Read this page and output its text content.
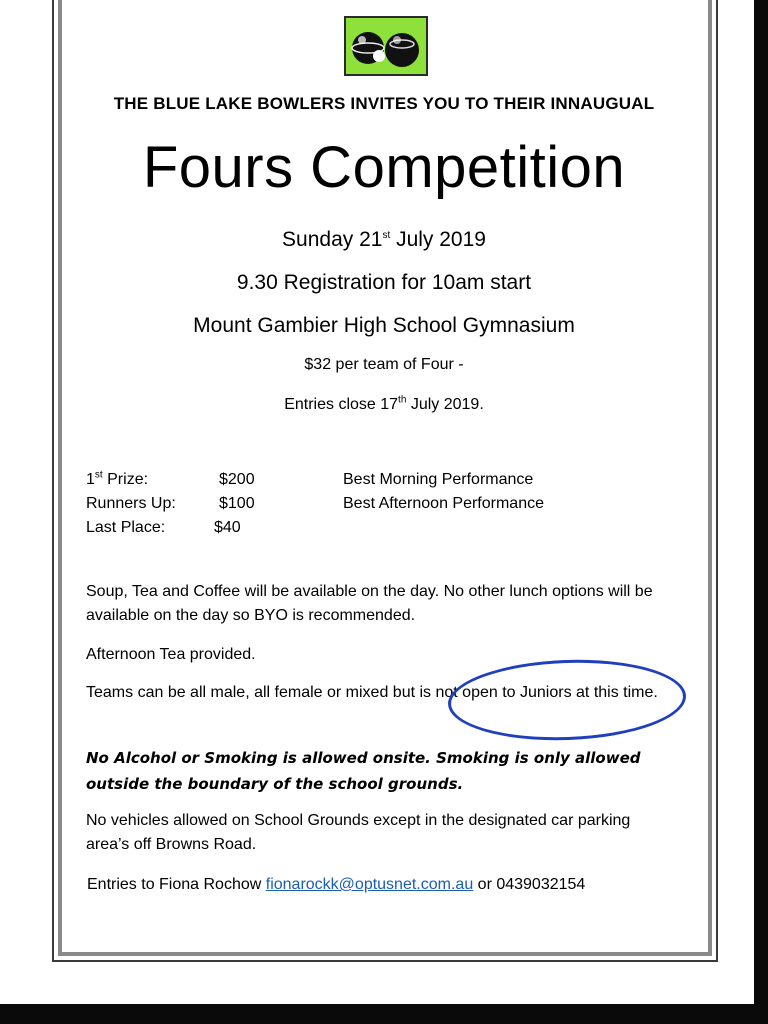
THE BLUE LAKE BOWLERS INVITES YOU TO THEIR INNAUGUAL
Fours Competition
Sunday 21st July 2019
9.30 Registration for 10am start
Mount Gambier High School Gymnasium
$32 per team of Four -
Entries close 17th July 2019.
1st Prize:	$200	Best Morning Performance
Runners Up:	$100	Best Afternoon Performance
Last Place:	$40
Soup, Tea and Coffee will be available on the day. No other lunch options will be available on the day so BYO is recommended.
Afternoon Tea provided.
Teams can be all male, all female or mixed but is not open to Juniors at this time.
No Alcohol or Smoking is allowed onsite. Smoking is only allowed outside the boundary of the school grounds.
No vehicles allowed on School Grounds except in the designated car parking area’s off Browns Road.
Entries to Fiona Rochow fionarockk@optusnet.com.au or 0439032154
